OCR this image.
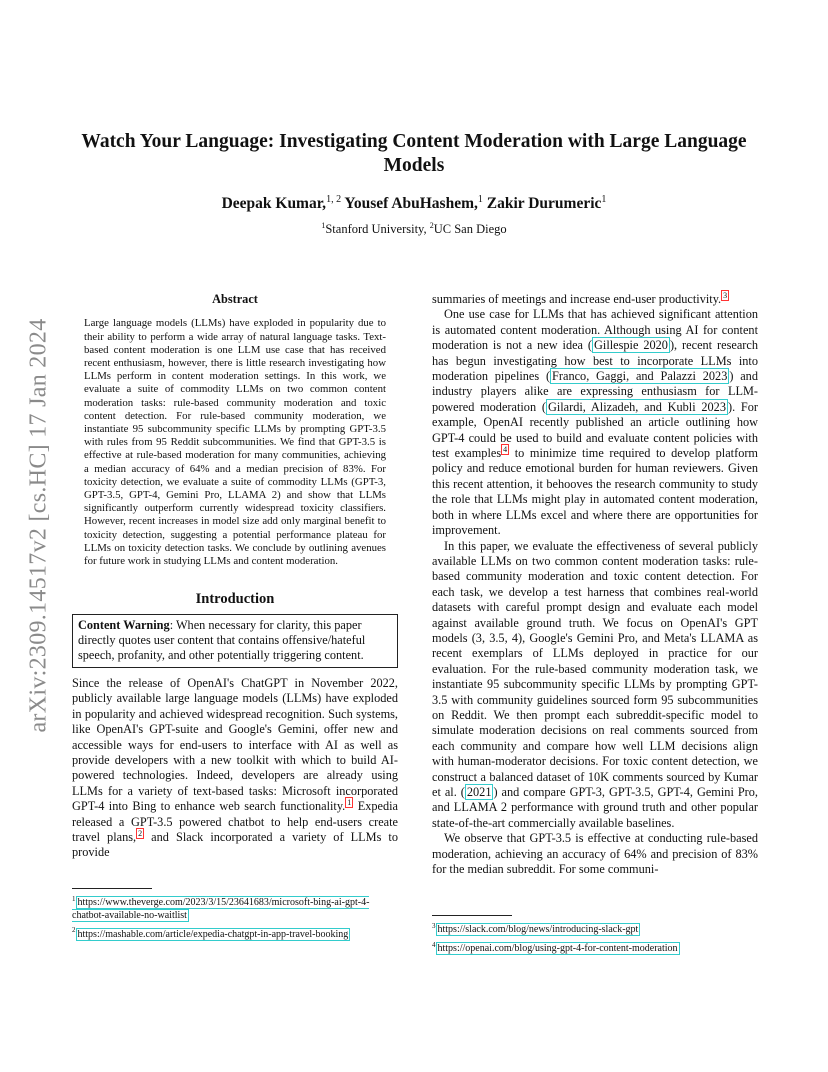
arXiv:2309.14517v2 [cs.HC] 17 Jan 2024
Watch Your Language: Investigating Content Moderation with Large Language Models
Deepak Kumar,$^{1, 2}$ Yousef AbuHashem,$^1$ Zakir Durumeric$^1$
$^1$Stanford University, $^2$UC San Diego
Abstract
Large language models (LLMs) have exploded in popularity due to their ability to perform a wide array of natural language tasks. Text-based content moderation is one LLM use case that has received recent enthusiasm, however, there is little research investigating how LLMs perform in content moderation settings. In this work, we evaluate a suite of commodity LLMs on two common content moderation tasks: rule-based community moderation and toxic content detection. For rule-based community moderation, we instantiate 95 subcommunity specific LLMs by prompting GPT-3.5 with rules from 95 Reddit subcommunities. We find that GPT-3.5 is effective at rule-based moderation for many communities, achieving a median accuracy of 64% and a median precision of 83%. For toxicity detection, we evaluate a suite of commodity LLMs (GPT-3, GPT-3.5, GPT-4, Gemini Pro, LLAMA 2) and show that LLMs significantly outperform currently widespread toxicity classifiers. However, recent increases in model size add only marginal benefit to toxicity detection, suggesting a potential performance plateau for LLMs on toxicity detection tasks. We conclude by outlining avenues for future work in studying LLMs and content moderation.
Introduction
Content Warning: When necessary for clarity, this paper directly quotes user content that contains offensive/hateful speech, profanity, and other potentially triggering content.

Since the release of OpenAI's ChatGPT in November 2022, publicly available large language models (LLMs) have exploded in popularity and achieved widespread recognition. Such systems, like OpenAI's GPT-suite and Google's Gemini, offer new and accessible ways for end-users to interface with AI as well as provide developers with a new toolkit with which to build AI-powered technologies. Indeed, developers are already using LLMs for a variety of text-based tasks: Microsoft incorporated GPT-4 into Bing to enhance web search functionality. $^1$ Expedia released a GPT-3.5 powered chatbot to help end-users create travel plans, $^2$ and Slack incorporated a variety of LLMs to provide

$^1$ https://www.theverge.com/2023/3/15/23641683/microsoft-bing-ai-gpt-4-chatbot-available-no-waitlist
$^2$ https://mashable.com/article/expedia-chatgpt-in-app-travel-booking

summaries of meetings and increase end-user productivity. $^3$

One use case for LLMs that has achieved significant attention is automated content moderation. Although using AI for content moderation is not a new idea ( Gillespie 2020 ), recent research has begun investigating how best to incorporate LLMs into moderation pipelines ( Franco, Gaggi, and Palazzi 2023 ) and industry players alike are expressing enthusiasm for LLM-powered moderation ( Gilardi, Alizadeh, and Kubli 2023 ). For example, OpenAI recently published an article outlining how GPT-4 could be used to build and evaluate content policies with test examples $^4$ to minimize time required to develop platform policy and reduce emotional burden for human reviewers. Given this recent attention, it behooves the research community to study the role that LLMs might play in automated content moderation, both in where LLMs excel and where there are opportunities for improvement.

In this paper, we evaluate the effectiveness of several publicly available LLMs on two common content moderation tasks: rule-based community moderation and toxic content detection. For each task, we develop a test harness that combines real-world datasets with careful prompt design and evaluate each model against available ground truth. We focus on OpenAI's GPT models (3, 3.5, 4), Google's Gemini Pro, and Meta's LLAMA as recent exemplars of LLMs deployed in practice for our evaluation. For the rule-based community moderation task, we instantiate 95 subcommunity specific LLMs by prompting GPT-3.5 with community guidelines sourced form 95 subcommunities on Reddit. We then prompt each subreddit-specific model to simulate moderation decisions on real comments sourced from each community and compare how well LLM decisions align with human-moderator decisions. For toxic content detection, we construct a balanced dataset of 10K comments sourced by Kumar et al. ( 2021 ) and compare GPT-3, GPT-3.5, GPT-4, Gemini Pro, and LLAMA 2 performance with ground truth and other popular state-of-the-art commercially available baselines.

We observe that GPT-3.5 is effective at conducting rule-based moderation, achieving an accuracy of 64% and precision of 83% for the median subreddit. For some communi-

$^3$ https://slack.com/blog/news/introducing-slack-gpt
$^4$ https://openai.com/blog/using-gpt-4-for-content-moderation
